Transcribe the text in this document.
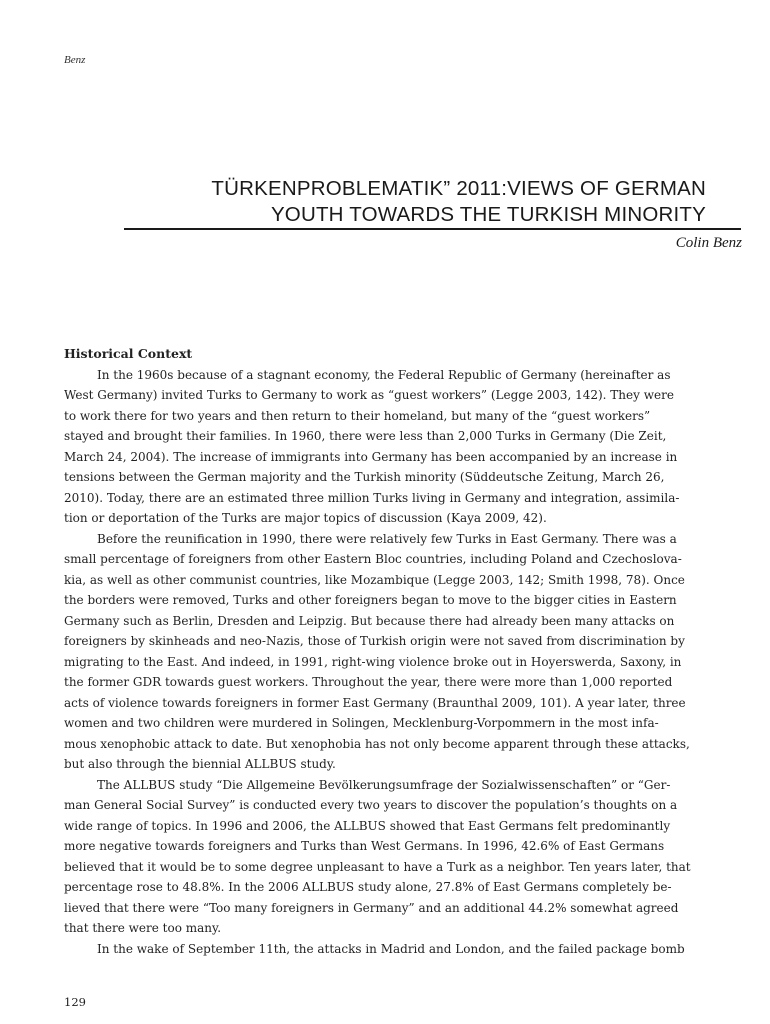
Benz
TÜRKENPROBLEMATIK” 2011:VIEWS OF GERMAN
YOUTH TOWARDS THE TURKISH MINORITY
Colin Benz

Historical Context

In the 1960s because of a stagnant economy, the Federal Republic of Germany (hereinafter as
West Germany) invited Turks to Germany to work as “guest workers” (Legge 2003, 142). They were
to work there for two years and then return to their homeland, but many of the “guest workers”
stayed and brought their families. In 1960, there were less than 2,000 Turks in Germany (Die Zeit,
March 24, 2004). The increase of immigrants into Germany has been accompanied by an increase in
tensions between the German majority and the Turkish minority (Süddeutsche Zeitung, March 26,
2010). Today, there are an estimated three million Turks living in Germany and integration, assimila-
tion or deportation of the Turks are major topics of discussion (Kaya 2009, 42).
Before the reunification in 1990, there were relatively few Turks in East Germany. There was a
small percentage of foreigners from other Eastern Bloc countries, including Poland and Czechoslova-
kia, as well as other communist countries, like Mozambique (Legge 2003, 142; Smith 1998, 78). Once
the borders were removed, Turks and other foreigners began to move to the bigger cities in Eastern
Germany such as Berlin, Dresden and Leipzig. But because there had already been many attacks on
foreigners by skinheads and neo-Nazis, those of Turkish origin were not saved from discrimination by
migrating to the East. And indeed, in 1991, right-wing violence broke out in Hoyerswerda, Saxony, in
the former GDR towards guest workers. Throughout the year, there were more than 1,000 reported
acts of violence towards foreigners in former East Germany (Braunthal 2009, 101). A year later, three
women and two children were murdered in Solingen, Mecklenburg-Vorpommern in the most infa-
mous xenophobic attack to date. But xenophobia has not only become apparent through these attacks,
but also through the biennial ALLBUS study.
The ALLBUS study “Die Allgemeine Bevölkerungsumfrage der Sozialwissenschaften” or “Ger-
man General Social Survey” is conducted every two years to discover the population’s thoughts on a
wide range of topics. In 1996 and 2006, the ALLBUS showed that East Germans felt predominantly
more negative towards foreigners and Turks than West Germans. In 1996, 42.6% of East Germans
believed that it would be to some degree unpleasant to have a Turk as a neighbor. Ten years later, that
percentage rose to 48.8%. In the 2006 ALLBUS study alone, 27.8% of East Germans completely be-
lieved that there were “Too many foreigners in Germany” and an additional 44.2% somewhat agreed
that there were too many.
In the wake of September 11th, the attacks in Madrid and London, and the failed package bomb
129
